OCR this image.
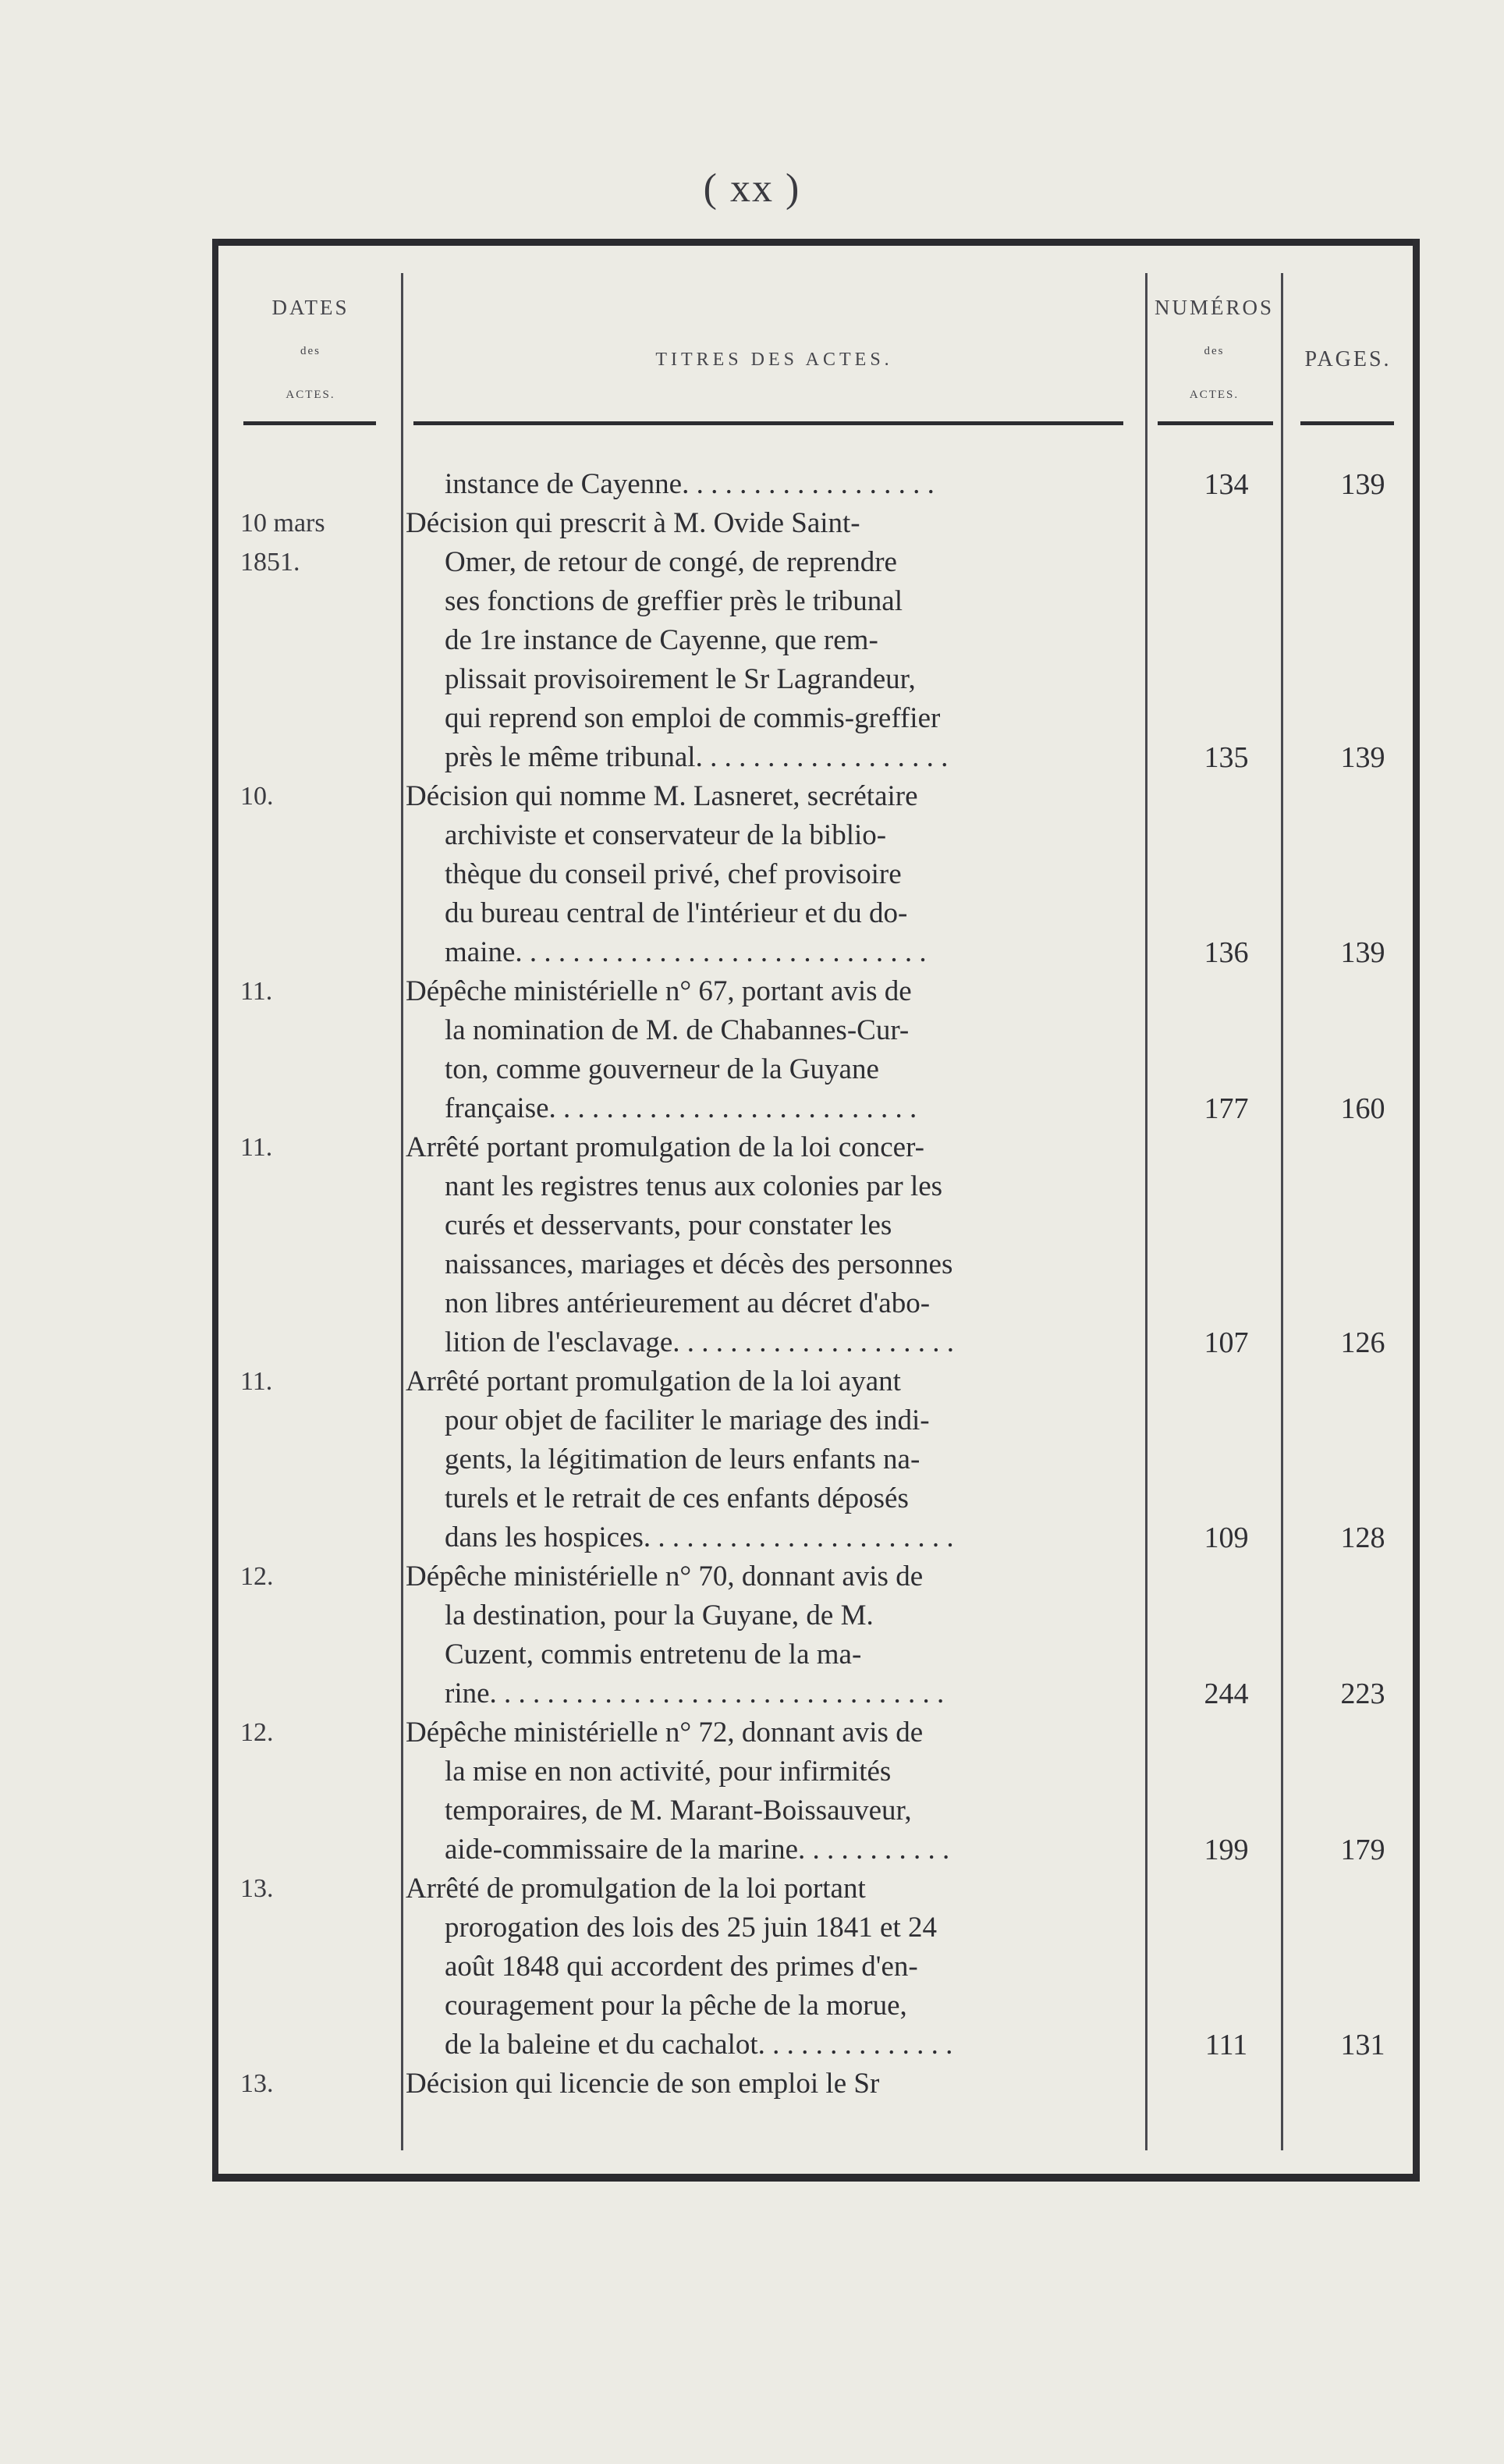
( xx )
DATES
des
ACTES.
TITRES DES ACTES.
NUMÉROS
des
ACTES.
PAGES.
instance de Cayenne. . . . . . . . . . . . . . . . . .	134	139
10 mars 1851.
Décision qui prescrit à M. Ovide Saint-
Omer, de retour de congé, de reprendre
ses fonctions de greffier près le tribunal
de 1re instance de Cayenne, que rem-
plissait provisoirement le Sr Lagrandeur,
qui reprend son emploi de commis-greffier
près le même tribunal. . . . . . . . . . . . . . . . . .	135	139
10.	Décision qui nomme M. Lasneret, secrétaire
archiviste et conservateur de la biblio-
thèque du conseil privé, chef provisoire
du bureau central de l'intérieur et du do-
maine. . . . . . . . . . . . . . . . . . . . . . . . . . . . .	136	139
11.	Dépêche ministérielle n° 67, portant avis de
la nomination de M. de Chabannes-Cur-
ton, comme gouverneur de la Guyane
française. . . . . . . . . . . . . . . . . . . . . . . . . .	177	160
11.	Arrêté portant promulgation de la loi concer-
nant les registres tenus aux colonies par les
curés et desservants, pour constater les
naissances, mariages et décès des personnes
non libres antérieurement au décret d'abo-
lition de l'esclavage. . . . . . . . . . . . . . . . . . . .	107	126
11.	Arrêté portant promulgation de la loi ayant
pour objet de faciliter le mariage des indi-
gents, la légitimation de leurs enfants na-
turels et le retrait de ces enfants déposés
dans les hospices. . . . . . . . . . . . . . . . . . . . . .	109	128
12.	Dépêche ministérielle n° 70, donnant avis de
la destination, pour la Guyane, de M.
Cuzent, commis entretenu de la ma-
rine. . . . . . . . . . . . . . . . . . . . . . . . . . . . . . . .	244	223
12.	Dépêche ministérielle n° 72, donnant avis de
la mise en non activité, pour infirmités
temporaires, de M. Marant-Boissauveur,
aide-commissaire de la marine. . . . . . . . . . .	199	179
13.	Arrêté de promulgation de la loi portant
prorogation des lois des 25 juin 1841 et 24
août 1848 qui accordent des primes d'en-
couragement pour la pêche de la morue,
de la baleine et du cachalot. . . . . . . . . . . . . .	111	131
13.	Décision qui licencie de son emploi le Sr
